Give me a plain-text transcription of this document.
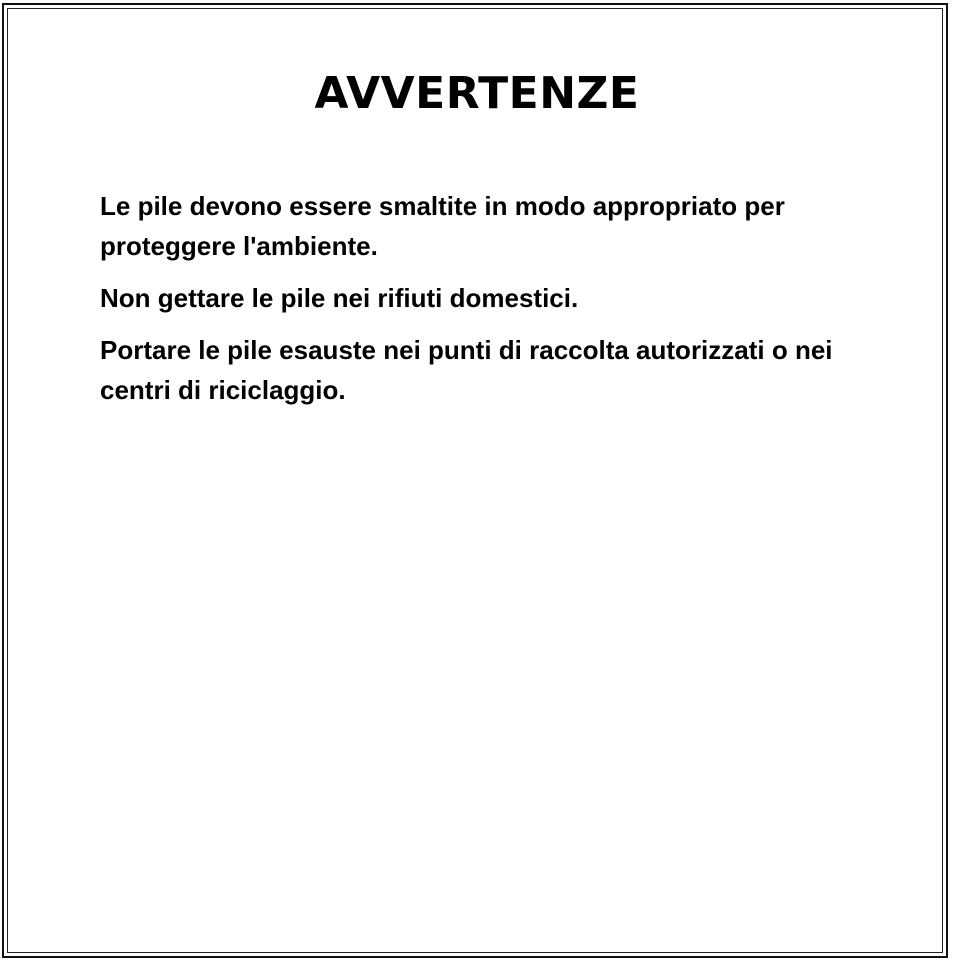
AVVERTENZE

Le pile devono essere smaltite in modo appropriato per proteggere l'ambiente.

Non gettare le pile nei rifiuti domestici.

Portare le pile esauste nei punti di raccolta autorizzati o nei centri di riciclaggio.
